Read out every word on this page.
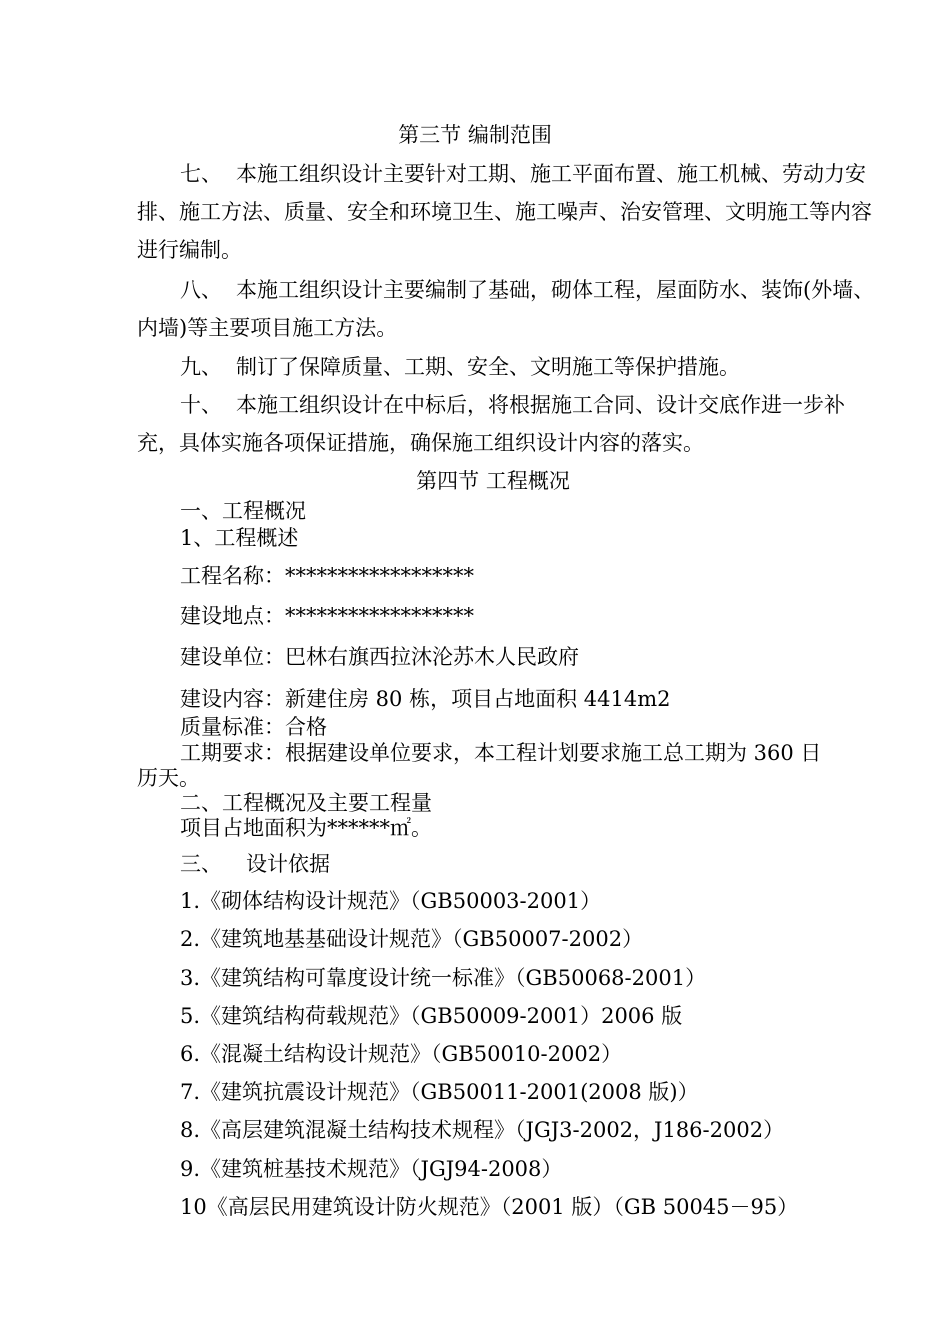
第三节 编制范围
七、 本施工组织设计主要针对工期、施工平面布置、施工机械、劳动力安
排、施工方法、质量、安全和环境卫生、施工噪声、治安管理、文明施工等内容
进行编制。
八、 本施工组织设计主要编制了基础，砌体工程，屋面防水、装饰(外墙、
内墙)等主要项目施工方法。
九、 制订了保障质量、工期、安全、文明施工等保护措施。
十、 本施工组织设计在中标后，将根据施工合同、设计交底作进一步补
充，具体实施各项保证措施，确保施工组织设计内容的落实。
第四节 工程概况
一、工程概况
1、工程概述
工程名称：******************
建设地点：******************
建设单位：巴林右旗西拉沐沦苏木人民政府
建设内容：新建住房 80 栋，项目占地面积 4414m2
质量标准：合格
工期要求：根据建设单位要求，本工程计划要求施工总工期为 360 日
历天。
二、工程概况及主要工程量
项目占地面积为******㎡。
三、 设计依据
1.《砌体结构设计规范》（GB50003-2001）
2.《建筑地基基础设计规范》（GB50007-2002）
3.《建筑结构可靠度设计统一标准》（GB50068-2001）
5.《建筑结构荷载规范》（GB50009-2001）2006 版
6.《混凝土结构设计规范》（GB50010-2002）
7.《建筑抗震设计规范》（GB50011-2001(2008 版)）
8.《高层建筑混凝土结构技术规程》（JGJ3-2002，J186-2002）
9.《建筑桩基技术规范》（JGJ94-2008）
10《高层民用建筑设计防火规范》（2001 版）（GB 50045－95）
